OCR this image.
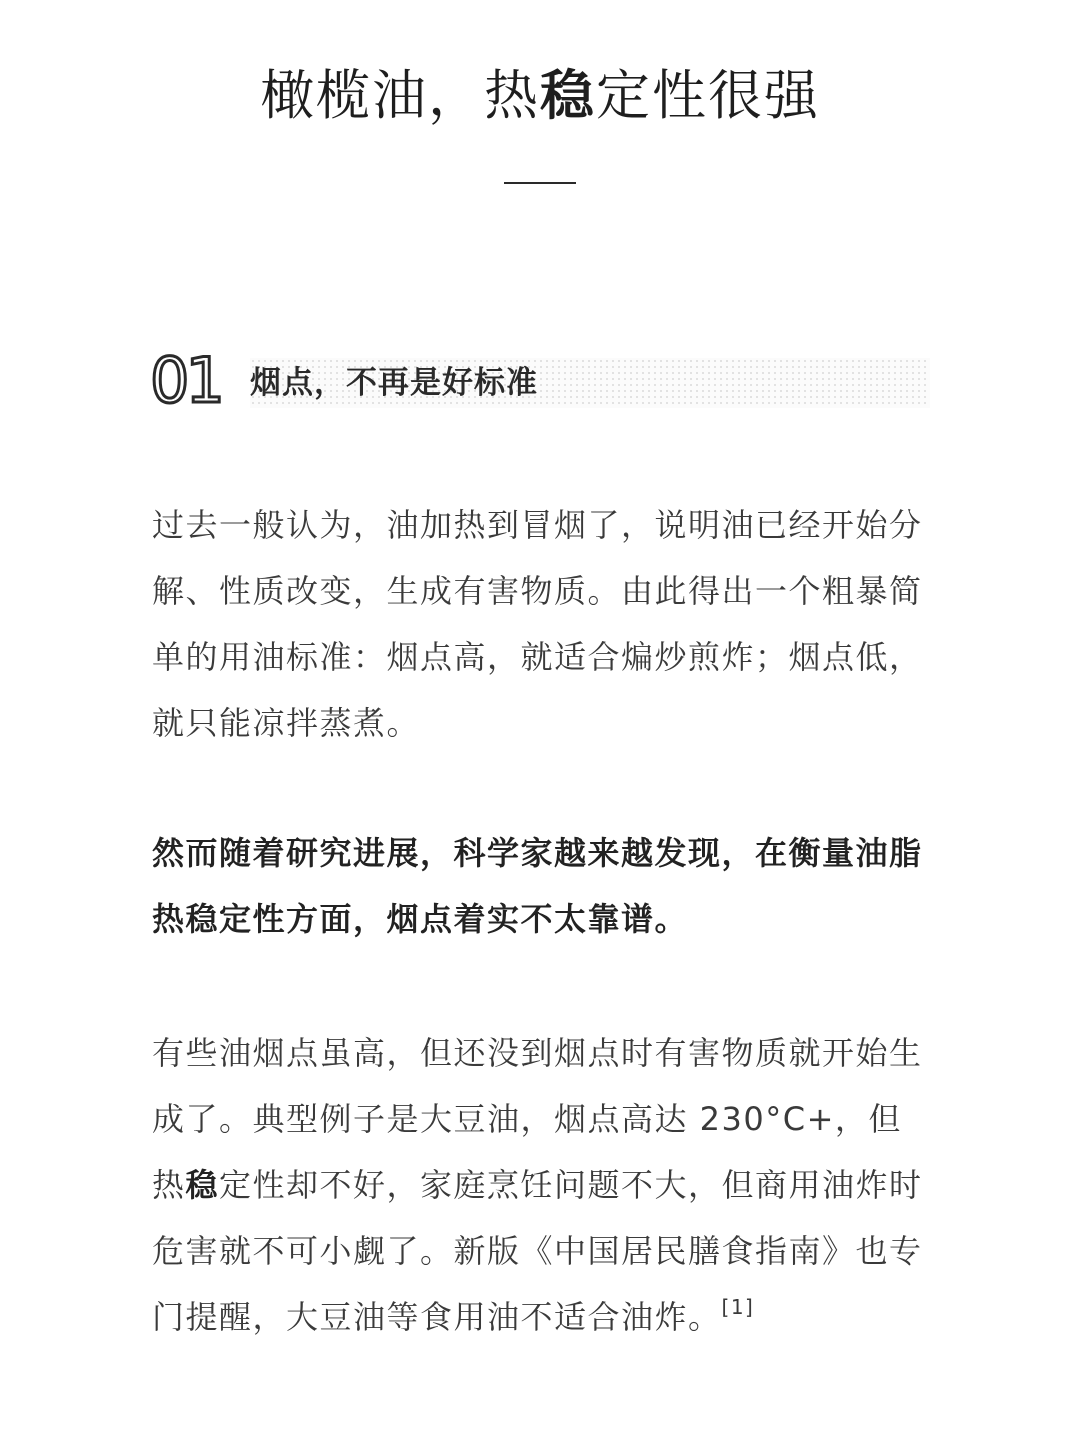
橄榄油，热稳定性很强
01 烟点，不再是好标准

过去一般认为，油加热到冒烟了，说明油已经开始分解、性质改变，生成有害物质。由此得出一个粗暴简单的用油标准：烟点高，就适合煸炒煎炸；烟点低，就只能凉拌蒸煮。

然而随着研究进展，科学家越来越发现，在衡量油脂热稳定性方面，烟点着实不太靠谱。

有些油烟点虽高，但还没到烟点时有害物质就开始生成了。典型例子是大豆油，烟点高达 230°C+，但热稳定性却不好，家庭烹饪问题不大，但商用油炸时危害就不可小觑了。新版《中国居民膳食指南》也专门提醒，大豆油等食用油不适合油炸。[1]
